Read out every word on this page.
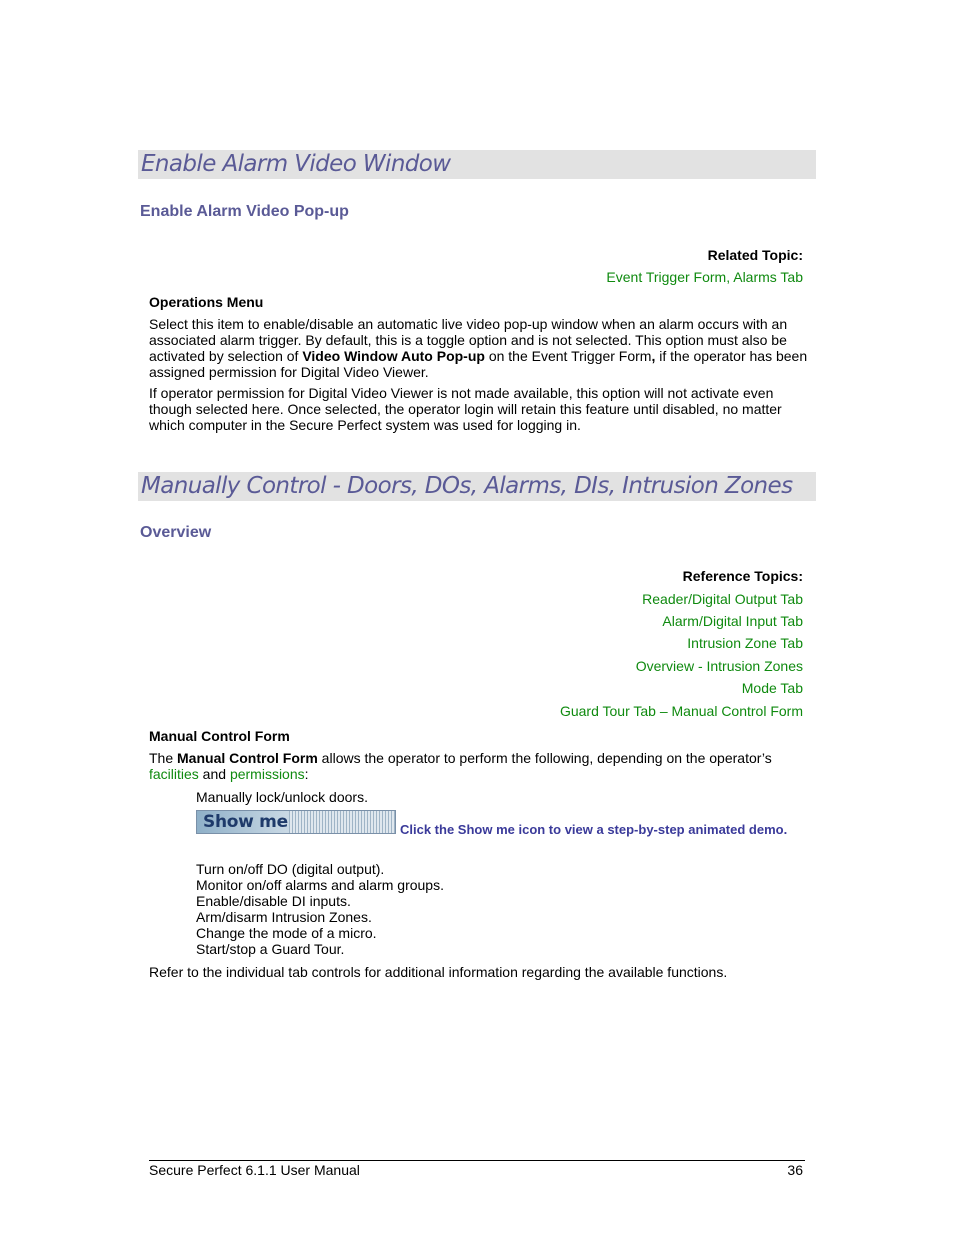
Enable Alarm Video Window
Enable Alarm Video Pop-up
Related Topic:
Event Trigger Form, Alarms Tab
Operations Menu
Select this item to enable/disable an automatic live video pop-up window when an alarm occurs with an associated alarm trigger. By default, this is a toggle option and is not selected. This option must also be activated by selection of Video Window Auto Pop-up on the Event Trigger Form, if the operator has been assigned permission for Digital Video Viewer.
If operator permission for Digital Video Viewer is not made available, this option will not activate even though selected here. Once selected, the operator login will retain this feature until disabled, no matter which computer in the Secure Perfect system was used for logging in.
Manually Control - Doors, DOs, Alarms, DIs, Intrusion Zones
Overview
Reference Topics:
Reader/Digital Output Tab
Alarm/Digital Input Tab
Intrusion Zone Tab
Overview - Intrusion Zones
Mode Tab
Guard Tour Tab – Manual Control Form
Manual Control Form
The Manual Control Form allows the operator to perform the following, depending on the operator’s facilities and permissions:
Manually lock/unlock doors.
Show me	Click the Show me icon to view a step-by-step animated demo.
Turn on/off DO (digital output).
Monitor on/off alarms and alarm groups.
Enable/disable DI inputs.
Arm/disarm Intrusion Zones.
Change the mode of a micro.
Start/stop a Guard Tour.
Refer to the individual tab controls for additional information regarding the available functions.
Secure Perfect 6.1.1 User Manual	36
